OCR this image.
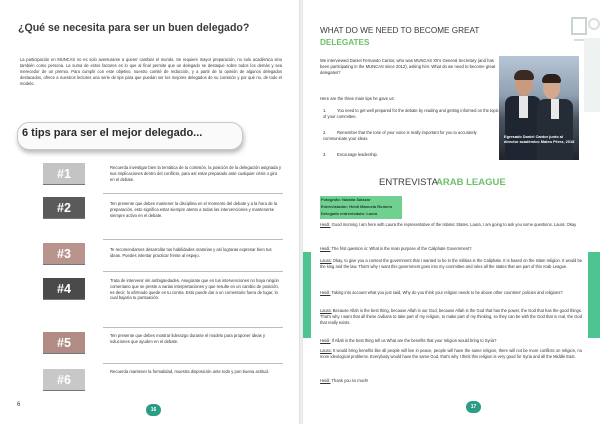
¿Qué se necesita para ser un buen delegado?
La participación en MUNCAS no es solo aventurarse a querer cambiar el mundo. Se requiere mayor preparación, no solo académica sino también como persona. La suma de estos factores es lo que al final permite que un delegado se destaque sobre todos los demás y sea merecedor de un premio. Para cumplir con este objetivo, nuestro comité de redacción, y a partir de la opinión de algunos delegados destacados, ofrece a nuestros lectores una serie de tips para que puedan ser los mejores delegados de su comisión y por qué no, de todo el modelo.
6 tips para ser el mejor delegado...
#1	Recuerda investigar bien la temática de tu comisión, la posición de la delegación asignada y sus implicaciones dentro del conflicto, para así estar preparado ante cualquier crisis o giro en el debate.
#2	Ten presente que debes mantener la disciplina en el momento del debate y a la hora de la preparación, esto significa estar siempre atento a todas las intervenciones y mantenerse siempre activo en el debate.
#3	Te recomendamos desarrollar tus habilidades oratorias y así lograras expresar bien tus ideas. Puedes intentar practicar frente al espejo.
#4
Trata de intervenir sin ambigüedades. Asegúrate que en tus intervenciones no haya ningún comentario que se preste a varias interpretaciones y que resulte en un cambio de posición, es decir, lo afirmado quede en tu contra. Esto puede dar a un comentario fuera de lugar, lo cual bajaría tu puntuación.
#5
Ten presente que debes mostrar liderazgo durante el modelo para proponer ideas y soluciones que ayuden en el debate.
#6
Recuerda mantener la formalidad, muestra disposición ante todo y pon buena actitud.
6
16
WHAT DO WE NEED TO BECOME GREAT
DELEGATES
We interviewed Daniel Fernando Cantor, who was MUNCAS XII's General Secretary (and has been participating in the MUNCAS since 2012), asking him: What do we need to become great delegates?
Here are the three main tips he gave us:
1.	You need to get well prepared for the debate by reading and getting informed on the topic of your committee.
2.	Remember that the tone of your voice is really important for you to accurately communicate your ideas.
3.	Encourage leadership.
Egresado Daniel Cantor junto al director académico Mateo Pérez, 2018
ENTREVISTA
ARAB LEAGUE
Fotógrafo: Natalia Salazar
Entrevistador: Heidi Manuela Romero
Delegado entrevistado: Laura
Heidi: Good morning I am here with Laura the representative of the Islamic States. Laura, I am going to ask you some questions. Laura: Okay
Heidi: The first question is: What is the main purpose of the Caliphate Government?
Laura: Okay, to give you a context the government that I wanted to be in the militias is the Caliphate. It is based on the Islam religion. It would be the king and the law. That's why I want this government goes into my committee and rules all the states that are part of this Arab League.
Heidi: Taking into account what you just said, Why do you think your religion needs to be above other countries' policies and religions?
Laura: Because Allah is the best thing, because Allah is our God, because Allah is the God that has the power, the God that has the good things. That's why I want that all these civilians to take part of my religion, to make part of my thinking, so they can be with the God that is real, the God that really exists.
Heidi: If Allah is the best thing tell us What are the benefits that your religion would bring to Syria?
Laura: It would bring benefits like all people will live in peace, people will have the same religion, there will not be more conflicts on religion, no more ideological problems. Everybody would have the same God, that's why I think this religion is very good for Syria and all the Middle East.
Heidi: Thank you so much!
17
